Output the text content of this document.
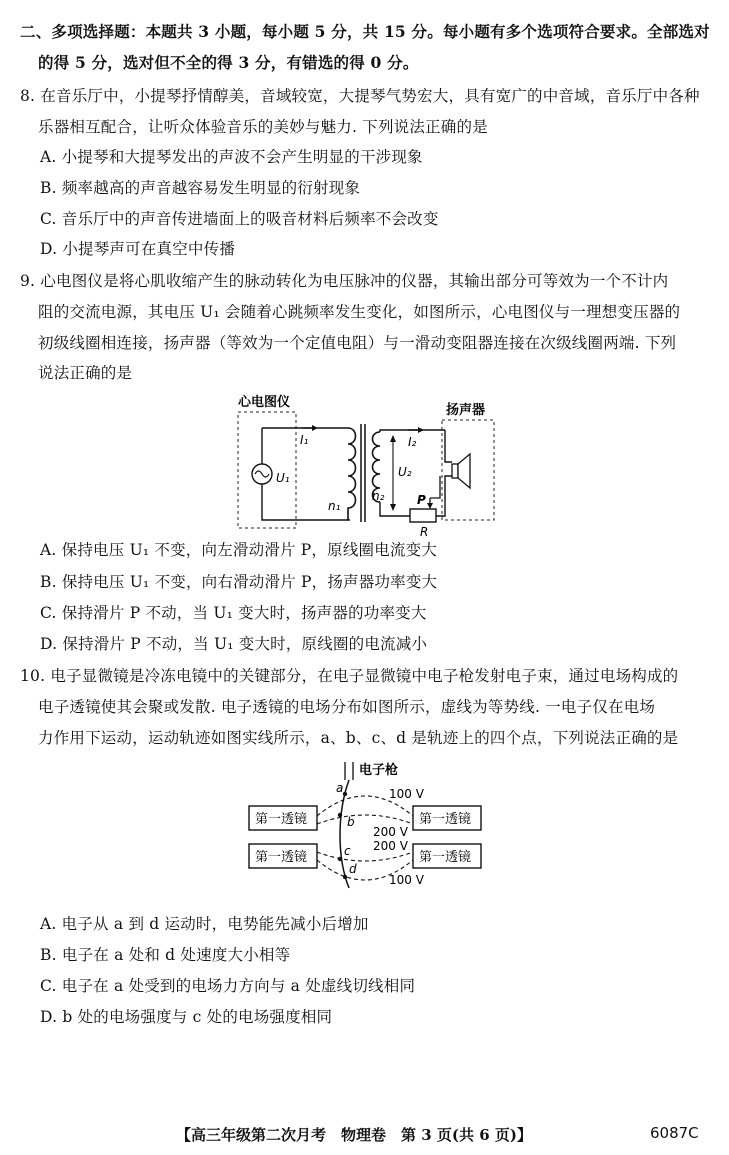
二、多项选择题：本题共 3 小题，每小题 5 分，共 15 分。每小题有多个选项符合要求。全部选对
的得 5 分，选对但不全的得 3 分，有错选的得 0 分。
8. 在音乐厅中，小提琴抒情醇美，音域较宽，大提琴气势宏大，具有宽广的中音域，音乐厅中各种
乐器相互配合，让听众体验音乐的美妙与魅力. 下列说法正确的是
A. 小提琴和大提琴发出的声波不会产生明显的干涉现象
B. 频率越高的声音越容易发生明显的衍射现象
C. 音乐厅中的声音传进墙面上的吸音材料后频率不会改变
D. 小提琴声可在真空中传播
9. 心电图仪是将心肌收缩产生的脉动转化为电压脉冲的仪器，其输出部分可等效为一个不计内
阻的交流电源，其电压 U₁ 会随着心跳频率发生变化，如图所示，心电图仪与一理想变压器的
初级线圈相连接，扬声器（等效为一个定值电阻）与一滑动变阻器连接在次级线圈两端. 下列
说法正确的是
心电图仪
U₁
I₁
n₁
U₂
n₂
I₂
扬声器
P
R
A. 保持电压 U₁ 不变，向左滑动滑片 P，原线圈电流变大
B. 保持电压 U₁ 不变，向右滑动滑片 P，扬声器功率变大
C. 保持滑片 P 不动，当 U₁ 变大时，扬声器的功率变大
D. 保持滑片 P 不动，当 U₁ 变大时，原线圈的电流减小
10. 电子显微镜是冷冻电镜中的关键部分，在电子显微镜中电子枪发射电子束，通过电场构成的
电子透镜使其会聚或发散. 电子透镜的电场分布如图所示，虚线为等势线. 一电子仅在电场
力作用下运动，运动轨迹如图实线所示，a、b、c、d 是轨迹上的四个点，下列说法正确的是
电子枪
第一透镜	第一透镜
第一透镜	第一透镜
a
b
c
d
100 V
200 V
200 V
100 V
A. 电子从 a 到 d 运动时，电势能先减小后增加
B. 电子在 a 处和 d 处速度大小相等
C. 电子在 a 处受到的电场力方向与 a 处虚线切线相同
D. b 处的电场强度与 c 处的电场强度相同
【高三年级第二次月考　物理卷　第 3 页(共 6 页)】	6087C
